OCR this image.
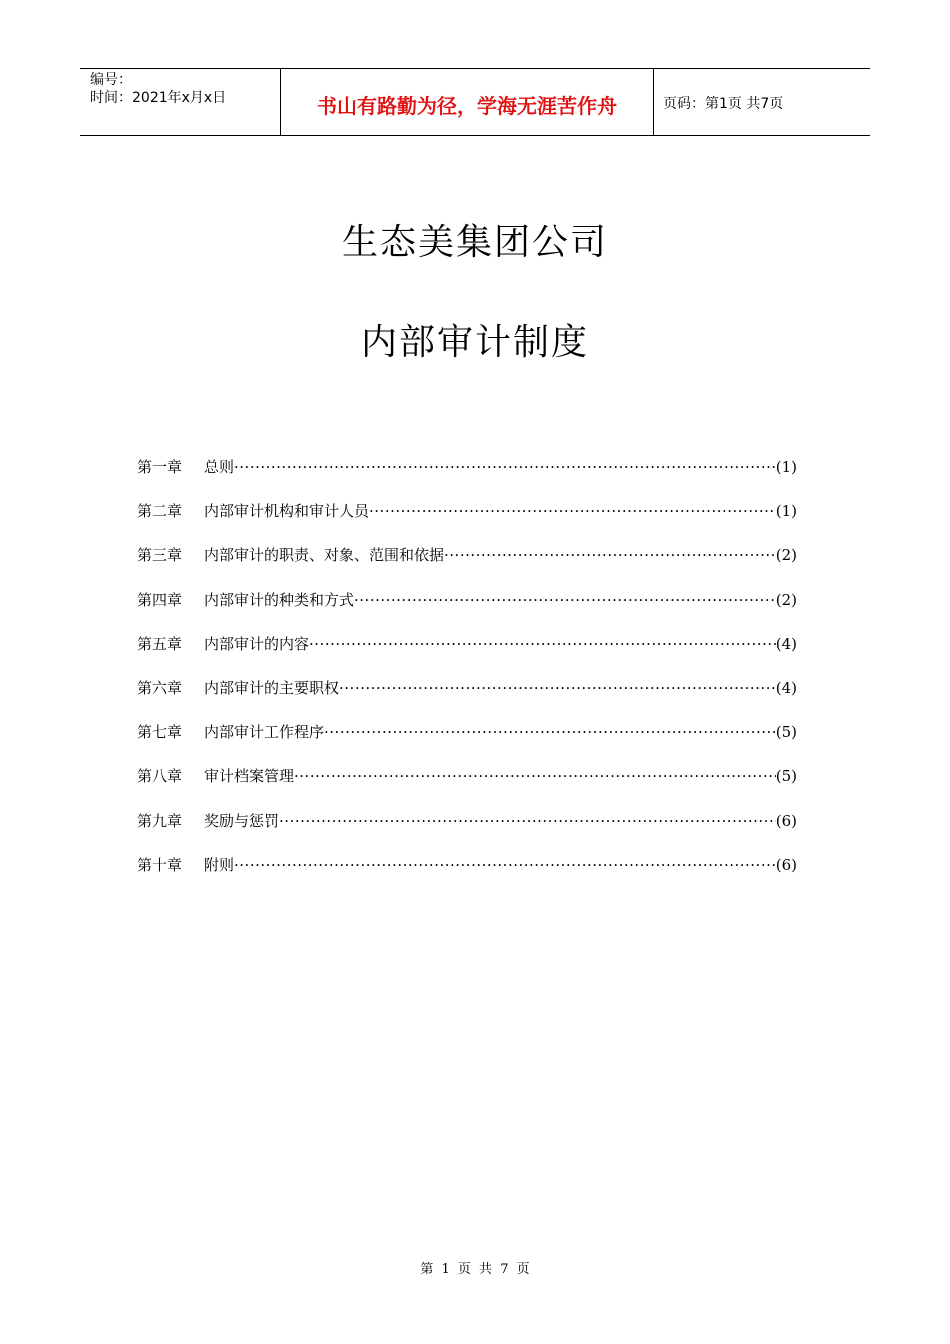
编号：
时间：2021年x月x日	书山有路勤为径，学海无涯苦作舟	页码：第1页 共7页
生态美集团公司
内部审计制度
第一章	总则 ·····	(1)
第二章	内部审计机构和审计人员 ·····	(1)
第三章	内部审计的职责、对象、范围和依据 ·····	(2)
第四章	内部审计的种类和方式 ·····	(2)
第五章	内部审计的内容 ·····	(4)
第六章	内部审计的主要职权 ·····	(4)
第七章	内部审计工作程序 ·····	(5)
第八章	审计档案管理 ·····	(5)
第九章	奖励与惩罚 ·····	(6)
第十章	附则 ·····	(6)
第 1 页 共 7 页
